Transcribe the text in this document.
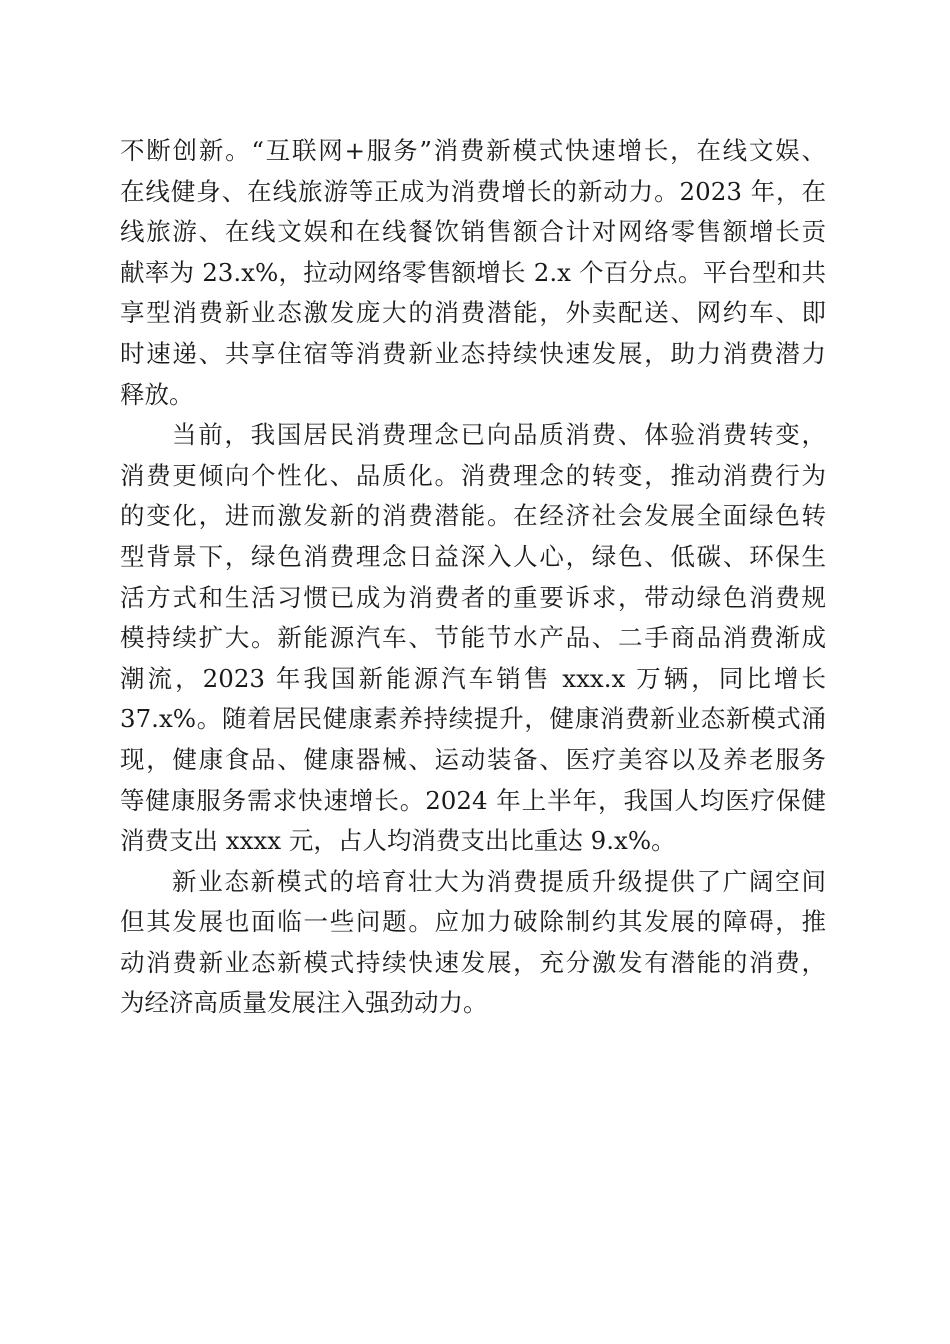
不断创新。“互联网+服务”消费新模式快速增长，在线文娱、
在线健身、在线旅游等正成为消费增长的新动力。2023 年，在
线旅游、在线文娱和在线餐饮销售额合计对网络零售额增长贡
献率为 23.x%，拉动网络零售额增长 2.x 个百分点。平台型和共
享型消费新业态激发庞大的消费潜能，外卖配送、网约车、即
时速递、共享住宿等消费新业态持续快速发展，助力消费潜力
释放。
当前，我国居民消费理念已向品质消费、体验消费转变，
消费更倾向个性化、品质化。消费理念的转变，推动消费行为
的变化，进而激发新的消费潜能。在经济社会发展全面绿色转
型背景下，绿色消费理念日益深入人心，绿色、低碳、环保生
活方式和生活习惯已成为消费者的重要诉求，带动绿色消费规
模持续扩大。新能源汽车、节能节水产品、二手商品消费渐成
潮流，2023 年我国新能源汽车销售 xxx.x 万辆，同比增长
37.x%。随着居民健康素养持续提升，健康消费新业态新模式涌
现，健康食品、健康器械、运动装备、医疗美容以及养老服务
等健康服务需求快速增长。2024 年上半年，我国人均医疗保健
消费支出 xxxx 元，占人均消费支出比重达 9.x%。
新业态新模式的培育壮大为消费提质升级提供了广阔空间
但其发展也面临一些问题。应加力破除制约其发展的障碍，推
动消费新业态新模式持续快速发展，充分激发有潜能的消费，
为经济高质量发展注入强劲动力。
